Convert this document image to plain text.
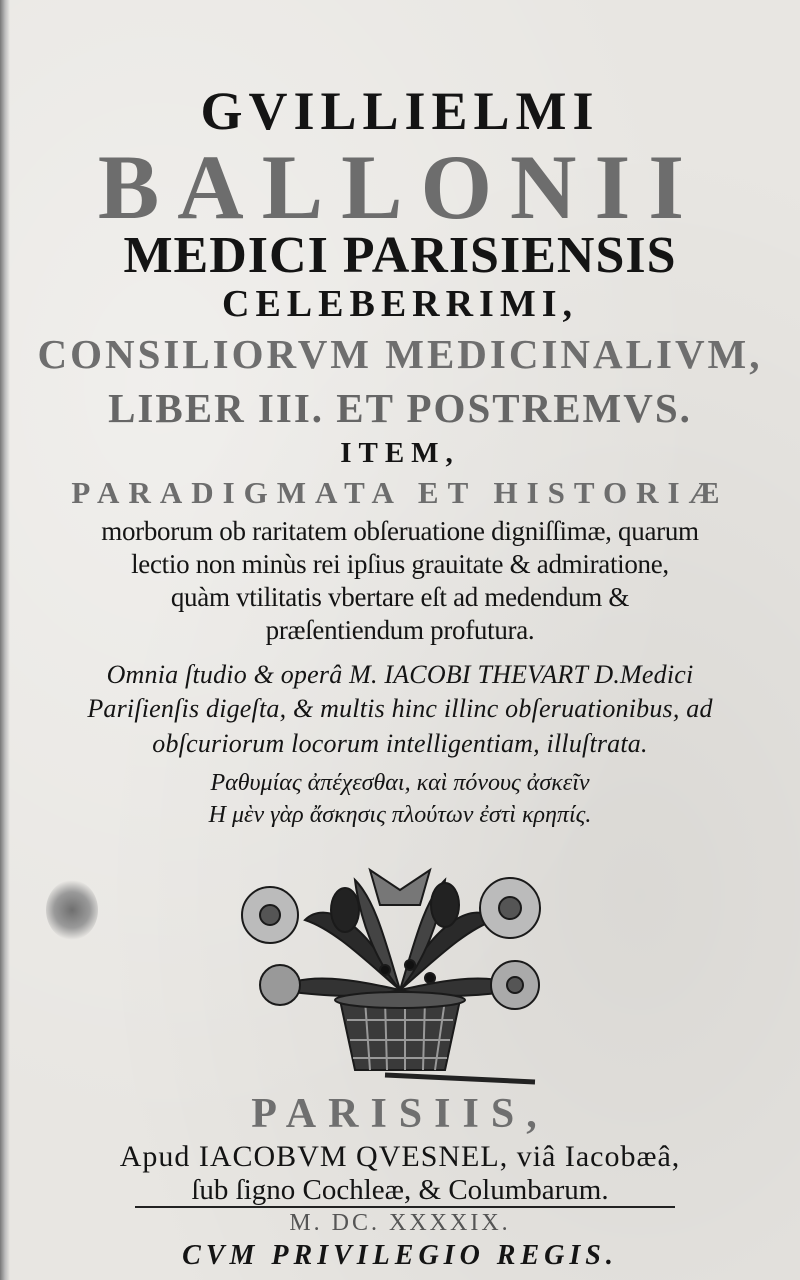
GVILLIELMI
BALLONII
MEDICI PARISIENSIS
CELEBERRIMI,
CONSILIORVM MEDICINALIVM,
LIBER III. ET POSTREMVS.
ITEM,
PARADIGMATA ET HISTORIÆ
morborum ob raritatem obſeruatione digniſſimæ, quarum
lectio non minùs rei ipſius grauitate & admiratione,
quàm vtilitatis vbertare eſt ad medendum &
præſentiendum profutura.
Omnia ſtudio & operâ M. IACOBI THEVART D.Medici
Pariſienſis digeſta, & multis hinc illinc obſeruationibus, ad
obſcuriorum locorum intelligentiam, illuſtrata.
Ραθυμίας ἀπέχεσθαι, καὶ πόνους ἀσκεῖν
Η μὲν γὰρ ἄσκησις πλούτων ἐστὶ κρηπίς.
PARISIIS,
Apud IACOBVM QVESNEL, viâ Iacobæâ,
ſub ſigno Cochleæ, & Columbarum.
M. DC. XXXXIX.
CVM PRIVILEGIO REGIS.
